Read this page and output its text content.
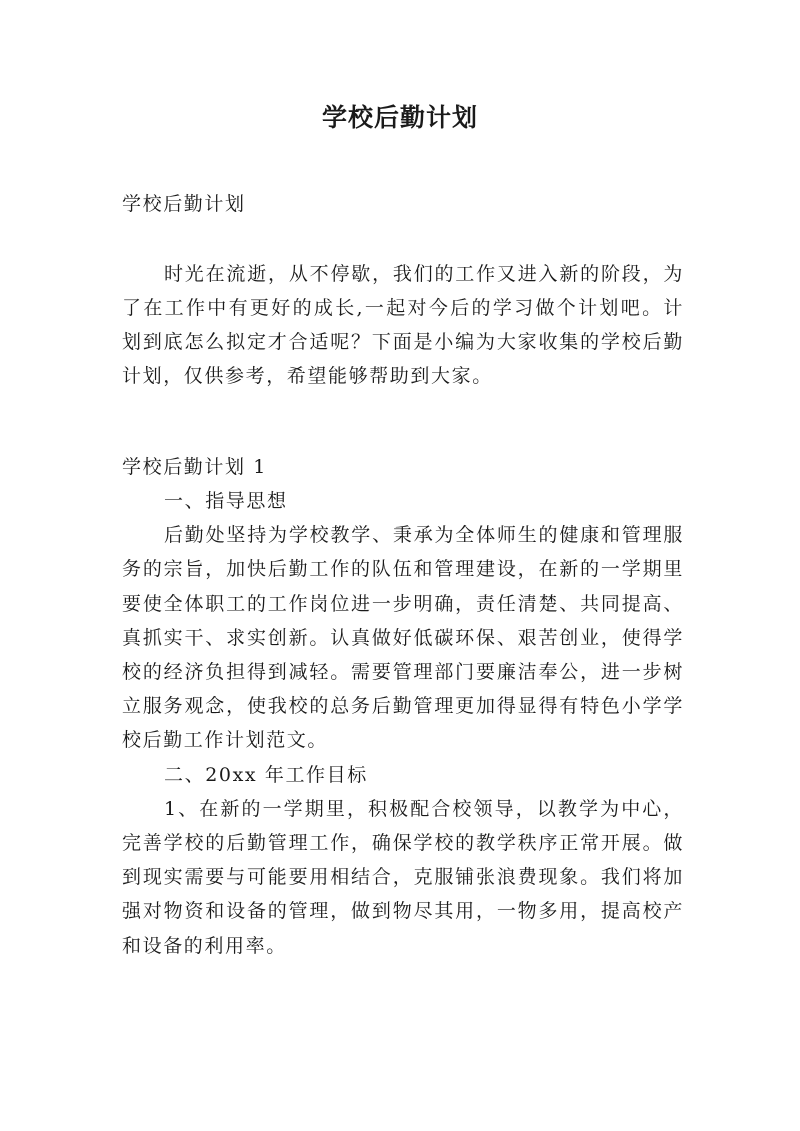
学校后勤计划

学校后勤计划

时光在流逝，从不停歇，我们的工作又进入新的阶段，为了在工作中有更好的成长,一起对今后的学习做个计划吧。计划到底怎么拟定才合适呢？下面是小编为大家收集的学校后勤计划，仅供参考，希望能够帮助到大家。

学校后勤计划 1

一、指导思想

后勤处坚持为学校教学、秉承为全体师生的健康和管理服务的宗旨，加快后勤工作的队伍和管理建设，在新的一学期里要使全体职工的工作岗位进一步明确，责任清楚、共同提高、真抓实干、求实创新。认真做好低碳环保、艰苦创业，使得学校的经济负担得到减轻。需要管理部门要廉洁奉公，进一步树立服务观念，使我校的总务后勤管理更加得显得有特色小学学校后勤工作计划范文。

二、20xx 年工作目标

1、在新的一学期里，积极配合校领导，以教学为中心，完善学校的后勤管理工作，确保学校的教学秩序正常开展。做到现实需要与可能要用相结合，克服铺张浪费现象。我们将加强对物资和设备的管理，做到物尽其用，一物多用，提高校产和设备的利用率。
